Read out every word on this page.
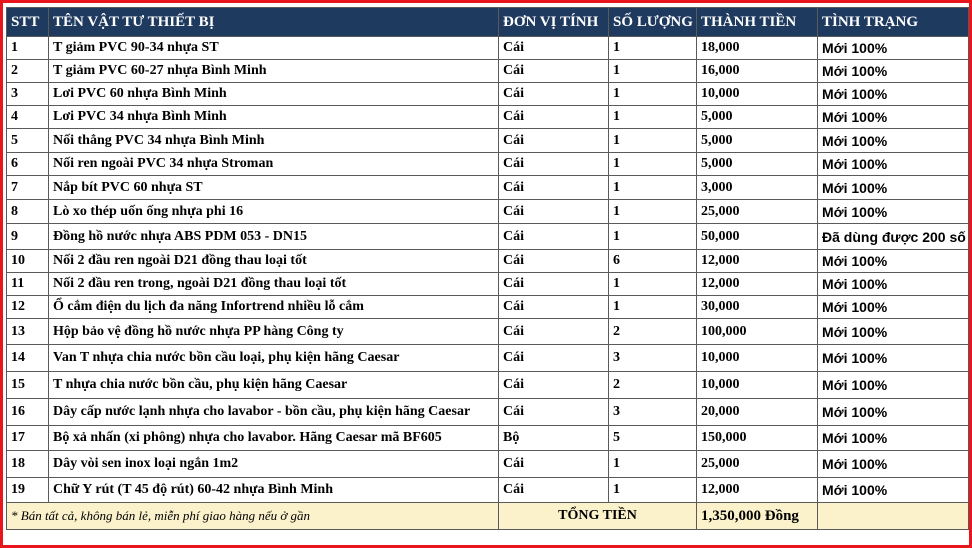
STT	TÊN VẬT TƯ THIẾT BỊ	ĐƠN VỊ TÍNH	SỐ LƯỢNG	THÀNH TIỀN	TÌNH TRẠNG
1	T giảm PVC 90-34 nhựa ST	Cái	1	18,000	Mới 100%
2	T giảm PVC 60-27 nhựa Bình Minh	Cái	1	16,000	Mới 100%
3	Lơi PVC 60 nhựa Bình Minh	Cái	1	10,000	Mới 100%
4	Lơi PVC 34 nhựa Bình Minh	Cái	1	5,000	Mới 100%
5	Nối thẳng PVC 34 nhựa Bình Minh	Cái	1	5,000	Mới 100%
6	Nối ren ngoài PVC 34 nhựa Stroman	Cái	1	5,000	Mới 100%
7	Nắp bít PVC 60 nhựa ST	Cái	1	3,000	Mới 100%
8	Lò xo thép uốn ống nhựa phi 16	Cái	1	25,000	Mới 100%
9	Đồng hồ nước nhựa ABS PDM 053 - DN15	Cái	1	50,000	Đã dùng được 200 số
10	Nối 2 đầu ren ngoài D21 đồng thau loại tốt	Cái	6	12,000	Mới 100%
11	Nối 2 đầu ren trong, ngoài D21 đồng thau loại tốt	Cái	1	12,000	Mới 100%
12	Ổ cắm điện du lịch đa năng Infortrend nhiều lỗ cắm	Cái	1	30,000	Mới 100%
13	Hộp bảo vệ đồng hồ nước nhựa PP hàng Công ty	Cái	2	100,000	Mới 100%
14	Van T nhựa chia nước bồn cầu loại, phụ kiện hãng Caesar	Cái	3	10,000	Mới 100%
15	T nhựa chia nước bồn cầu, phụ kiện hãng Caesar	Cái	2	10,000	Mới 100%
16	Dây cấp nước lạnh nhựa cho lavabor - bồn cầu, phụ kiện hãng Caesar	Cái	3	20,000	Mới 100%
17	Bộ xả nhấn (xi phông) nhựa cho lavabor. Hãng Caesar mã BF605	Bộ	5	150,000	Mới 100%
18	Dây vòi sen inox loại ngắn 1m2	Cái	1	25,000	Mới 100%
19	Chữ Y rút (T 45 độ rút) 60-42 nhựa Bình Minh	Cái	1	12,000	Mới 100%
* Bán tất cả, không bán lẻ, miễn phí giao hàng nếu ở gần		TỔNG TIỀN		1,350,000 Đồng	
